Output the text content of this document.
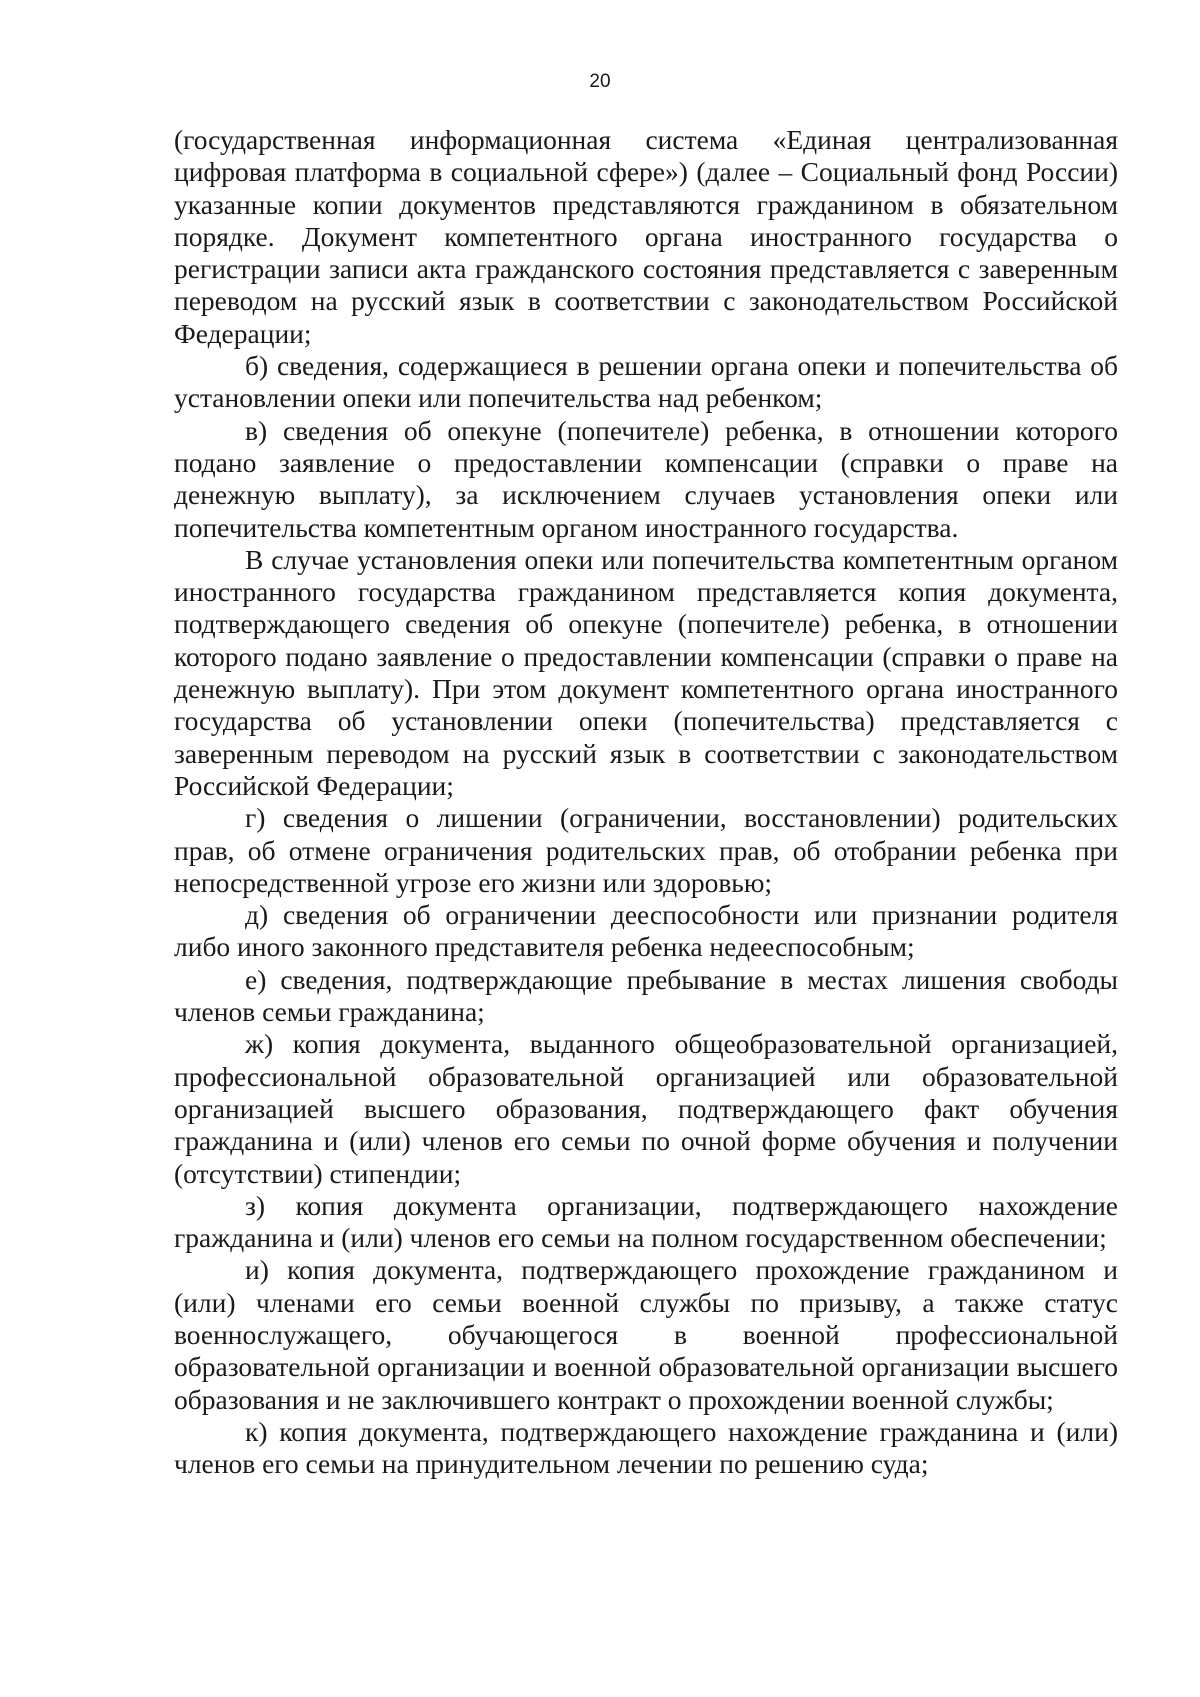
20

(государственная информационная система «Единая централизованная цифровая платформа в социальной сфере») (далее – Социальный фонд России) указанные копии документов представляются гражданином в обязательном порядке. Документ компетентного органа иностранного государства о регистрации записи акта гражданского состояния представляется с заверенным переводом на русский язык в соответствии с законодательством Российской Федерации;

б) сведения, содержащиеся в решении органа опеки и попечительства об установлении опеки или попечительства над ребенком;

в) сведения об опекуне (попечителе) ребенка, в отношении которого подано заявление о предоставлении компенсации (справки о праве на денежную выплату), за исключением случаев установления опеки или попечительства компетентным органом иностранного государства.

В случае установления опеки или попечительства компетентным органом иностранного государства гражданином представляется копия документа, подтверждающего сведения об опекуне (попечителе) ребенка, в отношении которого подано заявление о предоставлении компенсации (справки о праве на денежную выплату). При этом документ компетентного органа иностранного государства об установлении опеки (попечительства) представляется с заверенным переводом на русский язык в соответствии с законодательством Российской Федерации;

г) сведения о лишении (ограничении, восстановлении) родительских прав, об отмене ограничения родительских прав, об отобрании ребенка при непосредственной угрозе его жизни или здоровью;

д) сведения об ограничении дееспособности или признании родителя либо иного законного представителя ребенка недееспособным;

е) сведения, подтверждающие пребывание в местах лишения свободы членов семьи гражданина;

ж) копия документа, выданного общеобразовательной организацией, профессиональной образовательной организацией или образовательной организацией высшего образования, подтверждающего факт обучения гражданина и (или) членов его семьи по очной форме обучения и получении (отсутствии) стипендии;

з) копия документа организации, подтверждающего нахождение гражданина и (или) членов его семьи на полном государственном обеспечении;

и) копия документа, подтверждающего прохождение гражданином и (или) членами его семьи военной службы по призыву, а также статус военнослужащего, обучающегося в военной профессиональной образовательной организации и военной образовательной организации высшего образования и не заключившего контракт о прохождении военной службы;

к) копия документа, подтверждающего нахождение гражданина и (или) членов его семьи на принудительном лечении по решению суда;
